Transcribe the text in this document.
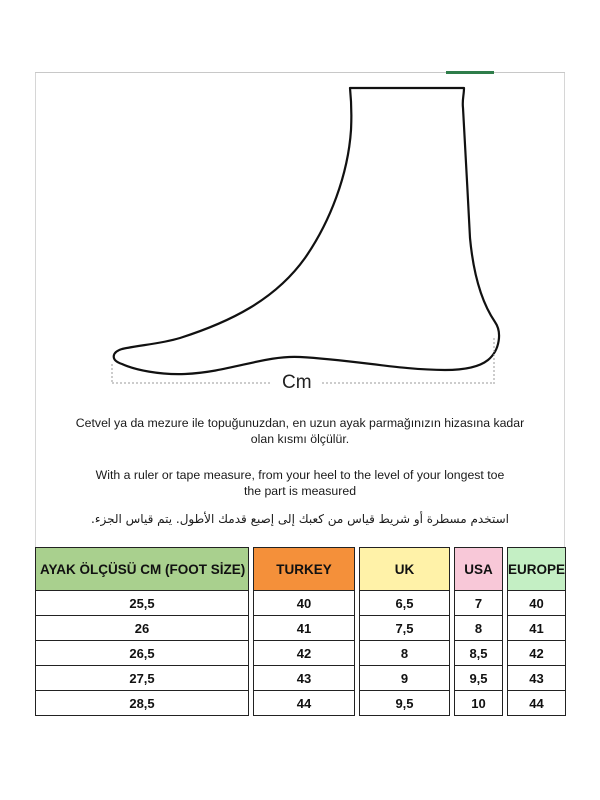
Cm
Cetvel ya da mezure ile topuğunuzdan, en uzun ayak parmağınızın hizasına kadar
olan kısmı ölçülür.
With a ruler or tape measure, from your heel to the level of your longest toe
the part is measured
استخدم مسطرة أو شريط قياس من كعبك إلى إصبع قدمك الأطول. يتم قياس الجزء.
AYAK ÖLÇÜSÜ CM (FOOT SİZE)		TURKEY		UK		USA		EUROPE
25,5		40		6,5		7		40
26		41		7,5		8		41
26,5		42		8		8,5		42
27,5		43		9		9,5		43
28,5		44		9,5		10		44
